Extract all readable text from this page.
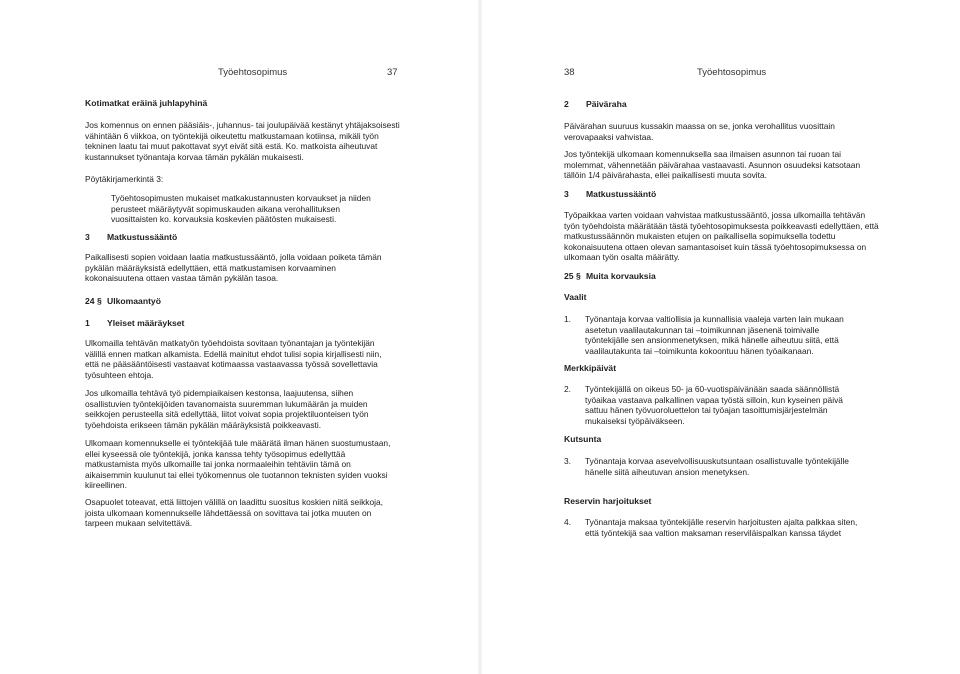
Työehtosopimus	37
Kotimatkat eräinä juhlapyhinä
Jos komennus on ennen pääsiäis-, juhannus- tai joulupäivää kestänyt yhtäjaksoisesti vähintään 6 viikkoa, on työntekijä oikeutettu matkustamaan kotiinsa, mikäli työn tekninen laatu tai muut pakottavat syyt eivät sitä estä. Ko. matkoista aiheutuvat kustannukset työnantaja korvaa tämän pykälän mukaisesti.
Pöytäkirjamerkintä 3:
Työehtosopimusten mukaiset matkakustannusten korvaukset ja niiden perusteet määräytyvät sopimuskauden aikana verohallituksen vuosittaisten ko. korvauksia koskevien päätösten mukaisesti.
3 Matkustussääntö
Paikallisesti sopien voidaan laatia matkustussääntö, jolla voidaan poiketa tämän pykälän määräyksistä edellyttäen, että matkustamisen korvaaminen kokonaisuutena ottaen vastaa tämän pykälän tasoa.
24 § Ulkomaantyö
1 Yleiset määräykset
Ulkomailla tehtävän matkatyön työehdoista sovitaan työnantajan ja työntekijän välillä ennen matkan alkamista. Edellä mainitut ehdot tulisi sopia kirjallisesti niin, että ne pääsääntöisesti vastaavat kotimaassa vastaavassa työssä sovellettavia työsuhteen ehtoja.
Jos ulkomailla tehtävä työ pidempiaikaisen kestonsa, laajuutensa, siihen osallistuvien työntekijöiden tavanomaista suuremman lukumäärän ja muiden seikkojen perusteella sitä edellyttää, liitot voivat sopia projektiluonteisen työn työehdoista erikseen tämän pykälän määräyksistä poikkeavasti.
Ulkomaan komennukselle ei työntekijää tule määrätä ilman hänen suostumustaan, ellei kyseessä ole työntekijä, jonka kanssa tehty työsopimus edellyttää matkustamista myös ulkomaille tai jonka normaaleihin tehtäviin tämä on aikaisemmin kuulunut tai ellei työkomennus ole tuotannon teknisten syiden vuoksi kiireellinen.
Osapuolet toteavat, että liittojen välillä on laadittu suositus koskien niitä seikkoja, joista ulkomaan komennukselle lähdettäessä on sovittava tai jotka muuten on tarpeen mukaan selvitettävä.
38	Työehtosopimus
2 Päiväraha
Päivärahan suuruus kussakin maassa on se, jonka verohallitus vuosittain verovapaaksi vahvistaa.
Jos työntekijä ulkomaan komennuksella saa ilmaisen asunnon tai ruoan tai molemmat, vähennetään päivärahaa vastaavasti. Asunnon osuudeksi katsotaan tällöin 1/4 päivärahasta, ellei paikallisesti muuta sovita.
3 Matkustussääntö
Työpaikkaa varten voidaan vahvistaa matkustussääntö, jossa ulkomailla tehtävän työn työehdoista määrätään tästä työehtosopimuksesta poikkeavasti edellyttäen, että matkustussäännön mukaisten etujen on paikallisella sopimuksella todettu kokonaisuutena ottaen olevan samantasoiset kuin tässä työehtosopimuksessa on ulkomaan työn osalta määrätty.
25 § Muita korvauksia
Vaalit
1. Työnantaja korvaa valtiollisia ja kunnallisia vaaleja varten lain mukaan asetetun vaalilautakunnan tai –toimikunnan jäsenenä toimivalle työntekijälle sen ansionmenetyksen, mikä hänelle aiheutuu siitä, että vaalilautakunta tai –toimikunta kokoontuu hänen työaikanaan.
Merkkipäivät
2. Työntekijällä on oikeus 50- ja 60-vuotispäivänään saada säännöllistä työaikaa vastaava palkallinen vapaa työstä silloin, kun kyseinen päivä sattuu hänen työvuoroluettelon tai työajan tasoittumisjärjestelmän mukaiseksi työpäiväkseen.
Kutsunta
3. Työnantaja korvaa asevelvollisuuskutsuntaan osallistuvalle työntekijälle hänelle siitä aiheutuvan ansion menetyksen.
Reservin harjoitukset
4. Työnantaja maksaa työntekijälle reservin harjoitusten ajalta palkkaa siten, että työntekijä saa valtion maksaman reserviläispalkan kanssa täydet
